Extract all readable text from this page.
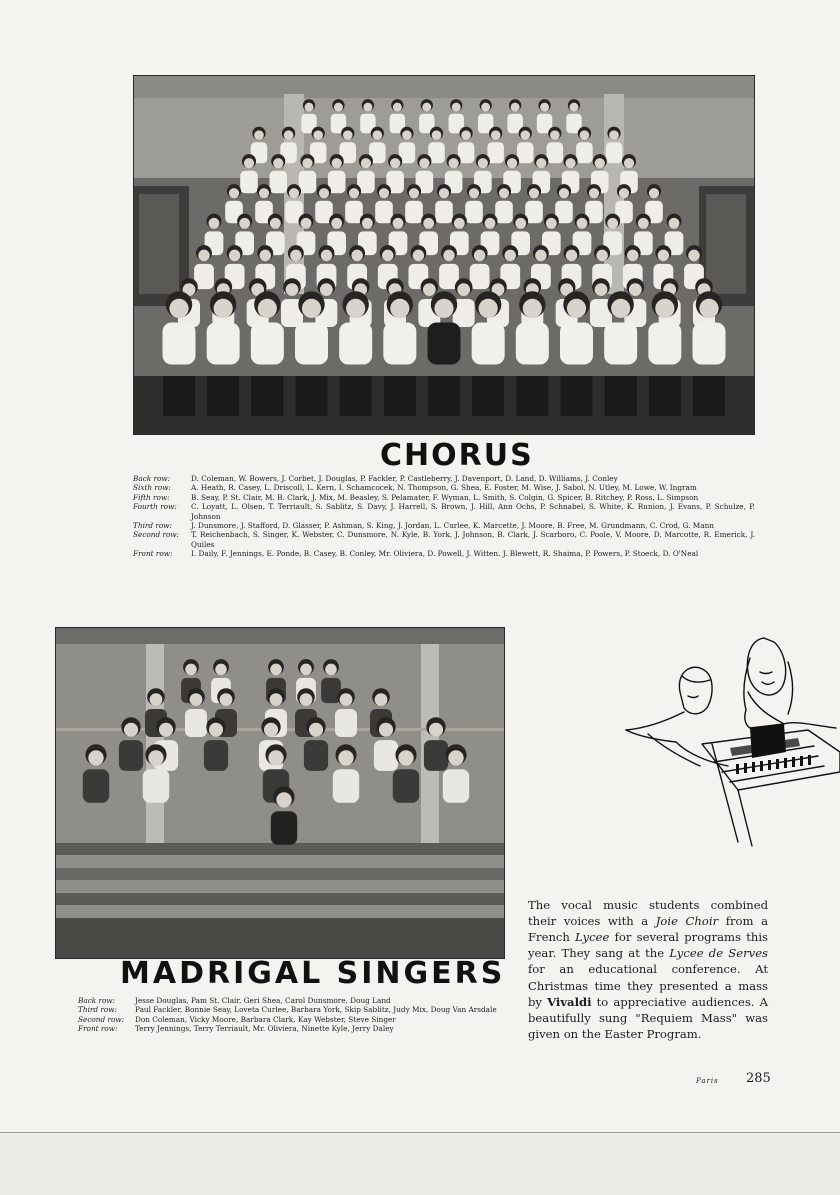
CHORUS
Back row:	D. Coleman, W. Bowers, J. Corbet, J. Douglas, P. Fackler, P. Castleberry, J. Davenport, D. Land, D. Williams, J. Conley
Sixth row:	A. Heath, R. Casey, L. Driscoll, L. Kern, I. Schamcocek, N. Thompson, G. Shea, E. Foster, M. Wise, J. Sabol, N. Utley, M. Lowe, W. Ingram
Fifth row:	B. Seay, P. St. Clair, M. B. Clark, J. Mix, M. Beasley, S. Pelamater, F. Wyman, L. Smith, S. Colgin, G. Spicer, B. Ritchey, P. Ross, L. Simpson
Fourth row:	C. Loyatt, L. Olsen, T. Terriault, S. Sablitz, S. Davy, J. Harrell, S. Brown, J. Hill, Ann Ochs, P. Schnabel, S. White, K. Runion, J. Evans, P. Schulze, P. Johnson
Third row:	J. Dunsmore, J. Stafford, D. Glasser, P. Ashman, S. King, J. Jordan, L. Curlee, K. Marcette, J. Moore, B. Free, M. Grundmann, C. Crod, G. Mann
Second row:	T. Reichenbach, S. Singer, K. Webster, C. Dunsmore, N. Kyle, B. York, J. Johnson, B. Clark, J. Scarboro, C. Poole, V. Moore, D. Marcotte, R. Emerick, J. Quiles
Front row:	I. Daily, F. Jennings, E. Ponde, B. Casey, B. Conley, Mr. Oliviera, D. Powell, J. Witten, J. Blewett, R. Shaima, P. Powers, P. Stoeck, D. O'Neal
MADRIGAL SINGERS
Back row:	Jesse Douglas, Pam St. Clair, Geri Shea, Carol Dunsmore, Doug Land
Third row:	Paul Fackler, Bonnie Seay, Loveta Curlee, Barbara York, Skip Sablitz, Judy Mix, Doug Van Arsdale
Second row:	Don Coleman, Vicky Moore, Barbara Clark, Kay Webster, Steve Singer
Front row:	Terry Jennings, Terry Terriault, Mr. Oliviera, Ninette Kyle, Jerry Daley

The vocal music students combined their voices with a Joie Choir from a French Lycee for several programs this year. They sang at the Lycee de Serves for an educational conference. At Christmas time they presented a mass by Vivaldi to appreciative audiences. A beautifully sung "Requiem Mass" was given on the Easter Program.

Paris 285
